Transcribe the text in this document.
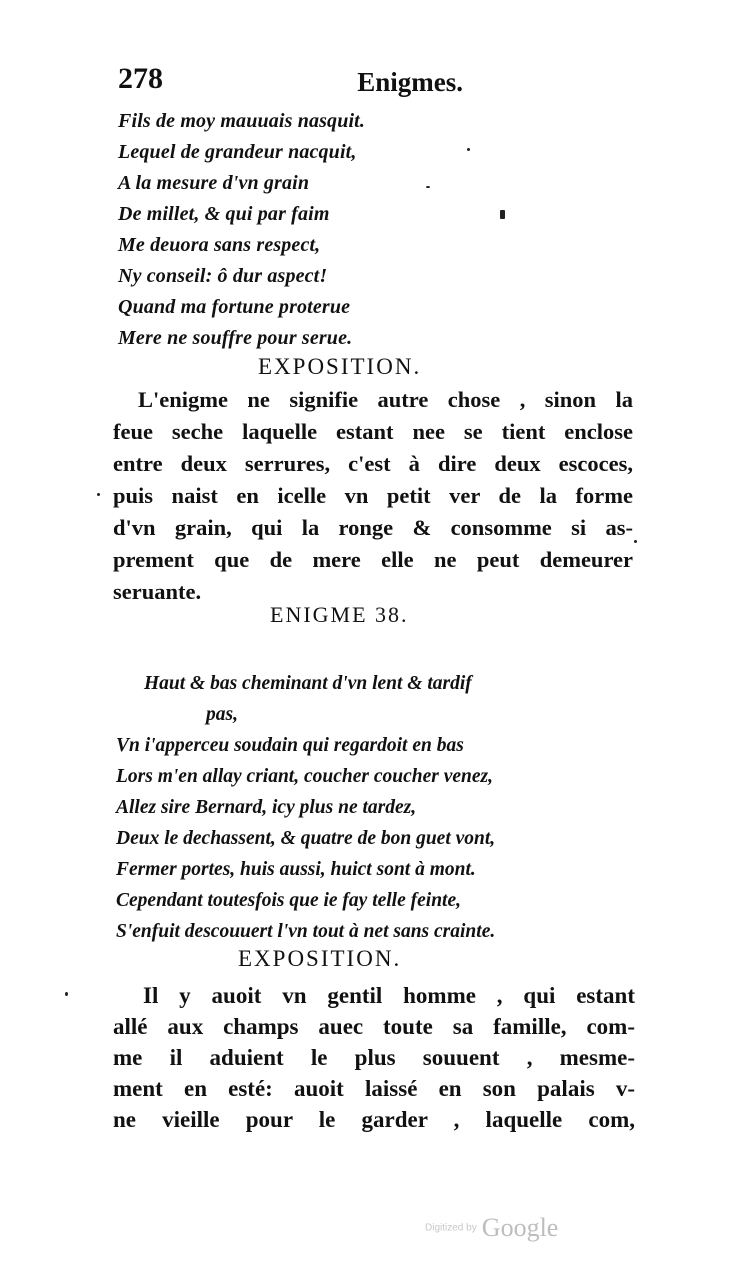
278	Enigmes.
Fils de moy mauuais nasquit.
Lequel de grandeur nacquit,
A la mesure d'vn grain
De millet, & qui par faim
Me deuora sans respect,
Ny conseil: ô dur aspect!
Quand ma fortune proterue
Mere ne souffre pour serue.
EXPOSITION.
L'enigme ne signifie autre chose , sinon la
feue seche laquelle estant nee se tient enclose
entre deux serrures, c'est à dire deux escoces,
puis naist en icelle vn petit ver de la forme
d'vn grain, qui la ronge & consomme si as-
prement que de mere elle ne peut demeurer
seruante.
ENIGME 38.
Haut & bas cheminant d'vn lent & tardif
pas,
Vn i'apperceu soudain qui regardoit en bas
Lors m'en allay criant, coucher coucher venez,
Allez sire Bernard, icy plus ne tardez,
Deux le dechassent, & quatre de bon guet vont,
Fermer portes, huis aussi, huict sont à mont.
Cependant toutesfois que ie fay telle feinte,
S'enfuit descouuert l'vn tout à net sans crainte.
EXPOSITION.
Il y auoit vn gentil homme , qui estant
allé aux champs auec toute sa famille, com-
me il aduient le plus souuent , mesme-
ment en esté: auoit laissé en son palais v-
ne vieille pour le garder , laquelle com,
Digitized by Google
